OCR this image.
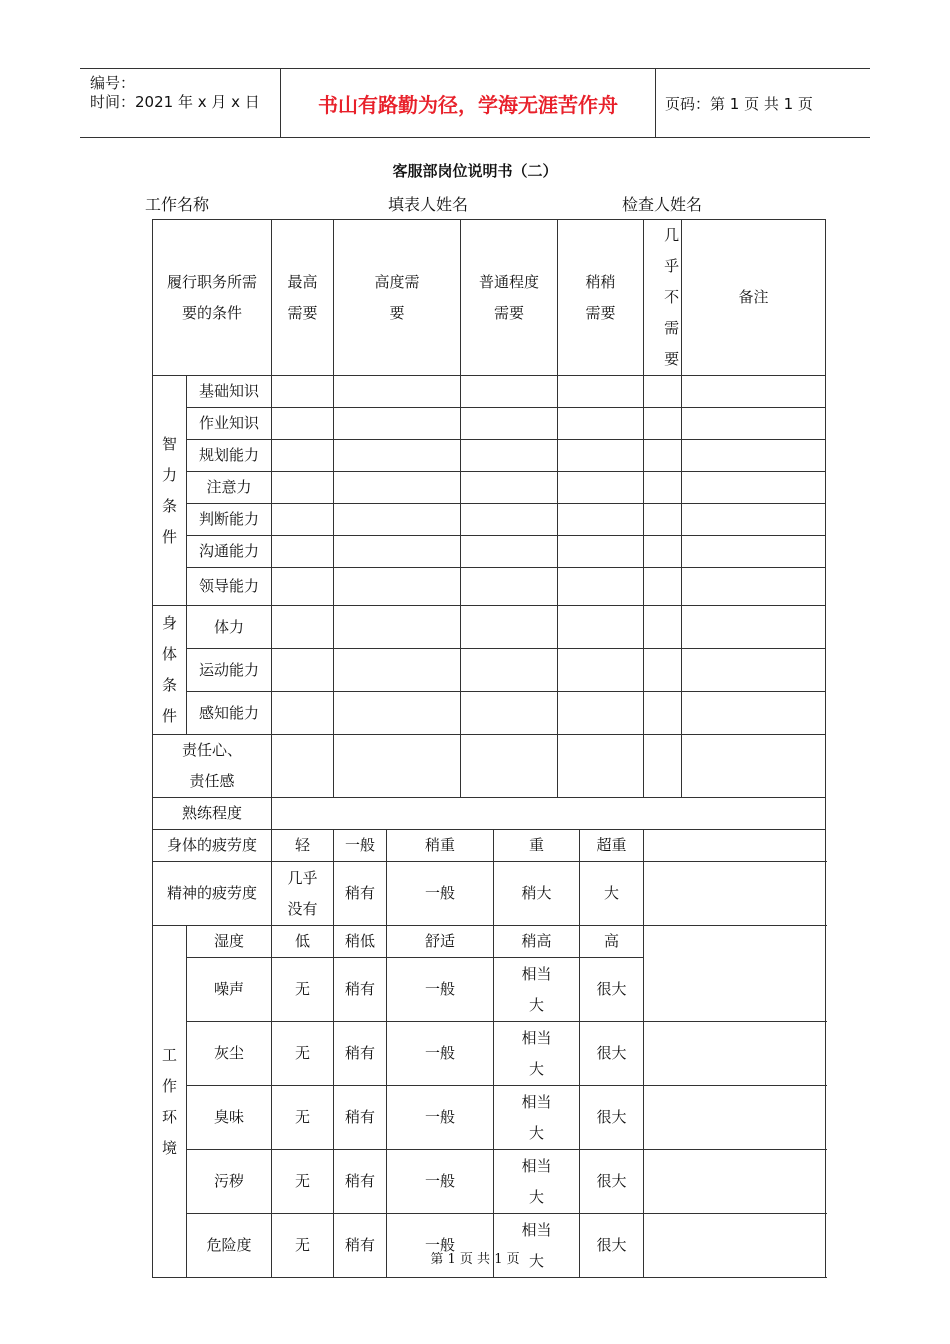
编号：
时间：2021 年 x 月 x 日	书山有路勤为径，学海无涯苦作舟	页码：第 1 页 共 1 页
客服部岗位说明书（二）
工作名称	填表人姓名	检查人姓名
履行职务所需要的条件		最高需要	高度需要		普通程度需要		稍稍需要		几乎不需要	备注
智力条件	基础知识									
	作业知识									
	规划能力									
	注意力									
	判断能力									
	沟通能力									
	领导能力									
身体条件	体力									
	运动能力									
	感知能力									
责任心、责任感										
熟练程度										
身体的疲劳度		轻	一般	稍重		重		超重		
精神的疲劳度		几乎没有	稍有	一般		稍大		大		
工作环境	湿度	低	稍低	舒适		稍高		高		
	噪声	无	稍有	一般		相当大		很大		
	灰尘	无	稍有	一般		相当大		很大		
	臭味	无	稍有	一般		相当大		很大		
	污秽	无	稍有	一般		相当大		很大		
	危险度	无	稍有	一般		相当大		很大		
第 1 页 共 1 页
